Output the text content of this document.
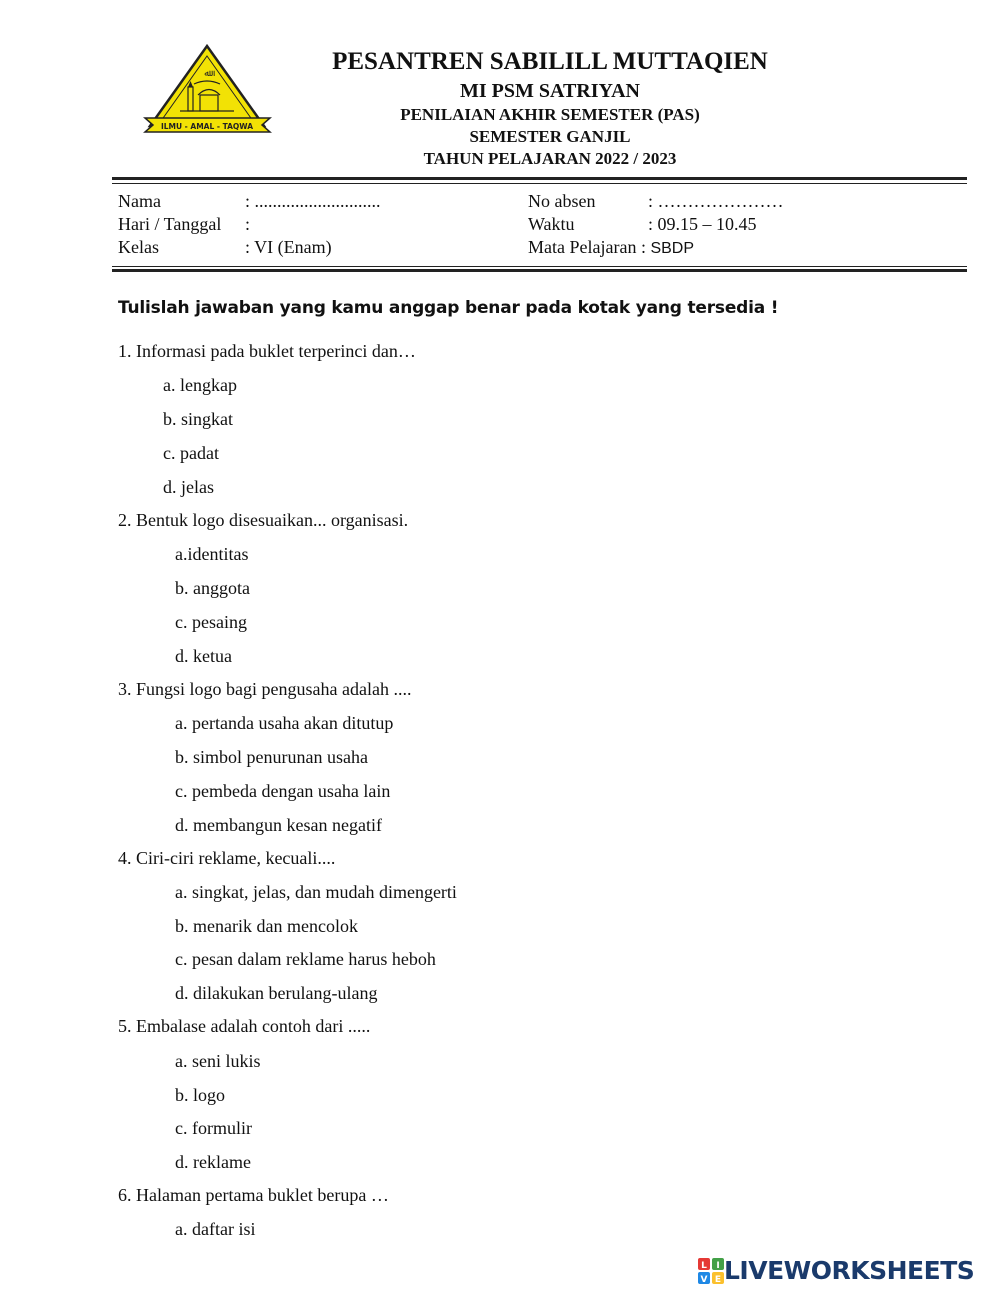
ﷲ
ILMU - AMAL - TAQWA
PESANTREN SABILILL MUTTAQIEN
MI PSM SATRIYAN
PENILAIAN AKHIR SEMESTER (PAS)
SEMESTER GANJIL
TAHUN PELAJARAN 2022 / 2023
Nama	: ............................	No absen	: …………………
Hari / Tanggal :	Waktu	: 09.15 – 10.45
Kelas	: VI (Enam)	Mata Pelajaran : SBDP
Tulislah jawaban yang kamu anggap benar pada kotak yang tersedia !
1. Informasi pada buklet terperinci dan…
a. lengkap
b. singkat
c. padat
d. jelas
2. Bentuk logo disesuaikan... organisasi.
a.identitas
b. anggota
c. pesaing
d. ketua
3. Fungsi logo bagi pengusaha adalah ....
a. pertanda usaha akan ditutup
b. simbol penurunan usaha
c. pembeda dengan usaha lain
d. membangun kesan negatif
4. Ciri-ciri reklame, kecuali....
a. singkat, jelas, dan mudah dimengerti
b. menarik dan mencolok
c. pesan dalam reklame harus heboh
d. dilakukan berulang-ulang
5. Embalase adalah contoh dari .....
a. seni lukis
b. logo
c. formulir
d. reklame
6. Halaman pertama buklet berupa …
a. daftar isi
L I
V E LIVEWORKSHEETS
